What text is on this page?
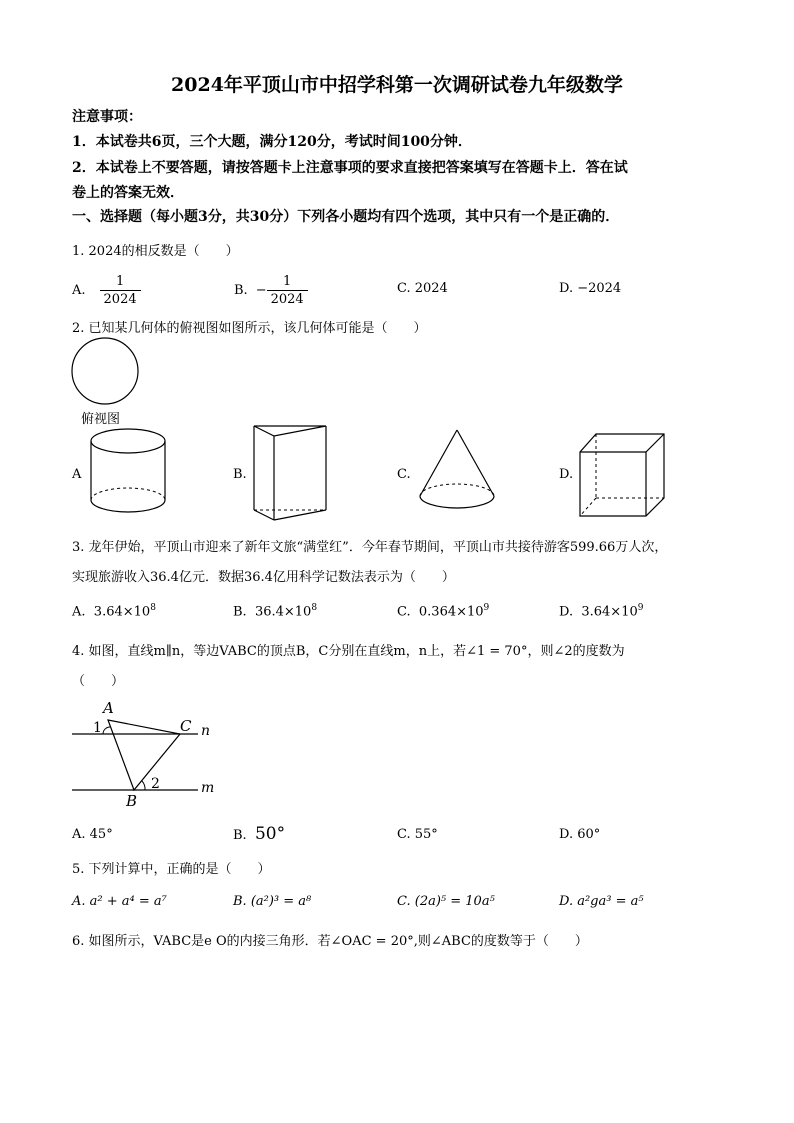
2024年平顶山市中招学科第一次调研试卷九年级数学
注意事项：
1．本试卷共6页，三个大题，满分120分，考试时间100分钟．
2．本试卷上不要答题，请按答题卡上注意事项的要求直接把答案填写在答题卡上．答在试
卷上的答案无效．
一、选择题（每小题3分，共30分）下列各小题均有四个选项，其中只有一个是正确的．
1. 2024的相反数是（　　）
A. $\frac{1}{2024}$	B. − $\frac{1}{2024}$	C. 2024	D. −2024
2. 已知某几何体的俯视图如图所示，该几何体可能是（　　）
俯视图
A	B.	C.	D.
3. 龙年伊始，平顶山市迎来了新年文旅“满堂红”．今年春节期间，平顶山市共接待游客599.66万人次，
实现旅游收入36.4亿元．数据36.4亿用科学记数法表示为（　　）
A. $3.64\times 10^8$	B. $36.4\times 10^8$	C. $0.364\times 10^9$	D. $3.64\times 10^9$
4. 如图，直线m∥n，等边VABC的顶点B，C分别在直线m，n上，若∠1 = 70°，则∠2的度数为
（　　）
A
C n
m
B
1
2
A. 45°	B. 50°	C. 55°	D. 60°
5. 下列计算中，正确的是（　　）
A. a² + a⁴ = a⁷	B. (a²)³ = a⁸	C. (2a)⁵ = 10a⁵	D. a²ga³ = a⁵
6. 如图所示，VABC是e O的内接三角形．若∠OAC = 20°,则∠ABC的度数等于（　　）
